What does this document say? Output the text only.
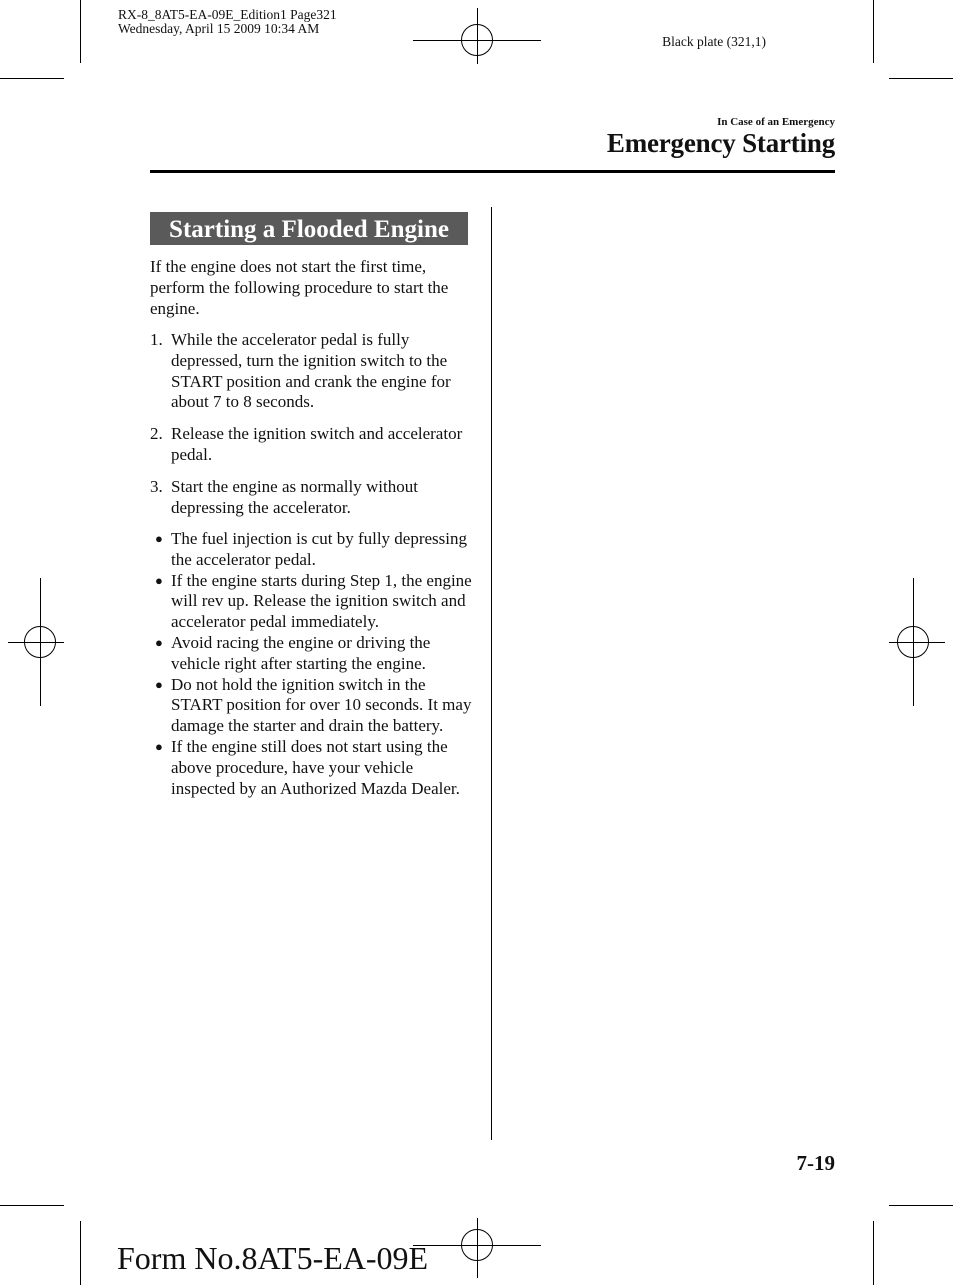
RX-8_8AT5-EA-09E_Edition1 Page321
Wednesday, April 15 2009 10:34 AM
Black plate (321,1)
In Case of an Emergency
Emergency Starting
Starting a Flooded Engine
If the engine does not start the first time, perform the following procedure to start the engine.
1. While the accelerator pedal is fully depressed, turn the ignition switch to the START position and crank the engine for about 7 to 8 seconds.
2. Release the ignition switch and accelerator pedal.
3. Start the engine as normally without depressing the accelerator.
● The fuel injection is cut by fully depressing the accelerator pedal.
● If the engine starts during Step 1, the engine will rev up. Release the ignition switch and accelerator pedal immediately.
● Avoid racing the engine or driving the vehicle right after starting the engine.
● Do not hold the ignition switch in the START position for over 10 seconds. It may damage the starter and drain the battery.
● If the engine still does not start using the above procedure, have your vehicle inspected by an Authorized Mazda Dealer.
7-19
Form No.8AT5-EA-09E
